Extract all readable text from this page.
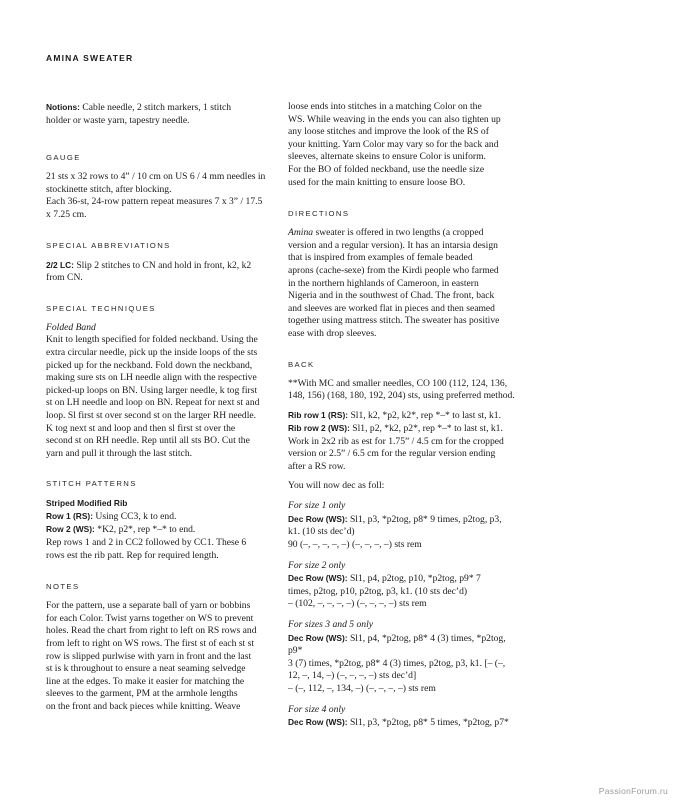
AMINA SWEATER

Notions: Cable needle, 2 stitch markers, 1 stitch
holder or waste yarn, tapestry needle.

GAUGE

21 sts x 32 rows to 4” / 10 cm on US 6 / 4 mm needles in
stockinette stitch, after blocking.
Each 36-st, 24-row pattern repeat measures 7 x 3” / 17.5
x 7.25 cm.

SPECIAL ABBREVIATIONS

2/2 LC: Slip 2 stitches to CN and hold in front, k2, k2
from CN.

SPECIAL TECHNIQUES

Folded Band

Knit to length specified for folded neckband. Using the
extra circular needle, pick up the inside loops of the sts
picked up for the neckband. Fold down the neckband,
making sure sts on LH needle align with the respective
picked-up loops on BN. Using larger needle, k tog first
st on LH needle and loop on BN. Repeat for next st and
loop. Sl first st over second st on the larger RH needle.
K tog next st and loop and then sl first st over the
second st on RH needle. Rep until all sts BO. Cut the
yarn and pull it through the last stitch.

STITCH PATTERNS

Striped Modified Rib

Row 1 (RS): Using CC3, k to end.

Row 2 (WS): *K2, p2*, rep *–* to end.

Rep rows 1 and 2 in CC2 followed by CC1. These 6
rows est the rib patt. Rep for required length.

NOTES

For the pattern, use a separate ball of yarn or bobbins
for each Color. Twist yarns together on WS to prevent
holes. Read the chart from right to left on RS rows and
from left to right on WS rows. The first st of each st st
row is slipped purlwise with yarn in front and the last
st is k throughout to ensure a neat seaming selvedge
line at the edges. To make it easier for matching the
sleeves to the garment, PM at the armhole lengths
on the front and back pieces while knitting. Weave

loose ends into stitches in a matching Color on the
WS. While weaving in the ends you can also tighten up
any loose stitches and improve the look of the RS of
your knitting. Yarn Color may vary so for the back and
sleeves, alternate skeins to ensure Color is uniform.
For the BO of folded neckband, use the needle size
used for the main knitting to ensure loose BO.

DIRECTIONS

Amina sweater is offered in two lengths (a cropped
version and a regular version). It has an intarsia design
that is inspired from examples of female beaded
aprons (cache-sexe) from the Kirdi people who farmed
in the northern highlands of Cameroon, in eastern
Nigeria and in the southwest of Chad. The front, back
and sleeves are worked flat in pieces and then seamed
together using mattress stitch. The sweater has positive
ease with drop sleeves.

BACK

**With MC and smaller needles, CO 100 (112, 124, 136,
148, 156) (168, 180, 192, 204) sts, using preferred method.

Rib row 1 (RS): Sl1, k2, *p2, k2*, rep *–* to last st, k1.

Rib row 2 (WS): Sl1, p2, *k2, p2*, rep *–* to last st, k1.
Work in 2x2 rib as est for 1.75” / 4.5 cm for the cropped
version or 2.5” / 6.5 cm for the regular version ending
after a RS row.

You will now dec as foll:

For size 1 only

Dec Row (WS): Sl1, p3, *p2tog, p8* 9 times, p2tog, p3,
k1. (10 sts dec’d)
90 (–, –, –, –, –) (–, –, –, –) sts rem

For size 2 only

Dec Row (WS): Sl1, p4, p2tog, p10, *p2tog, p9* 7
times, p2tog, p10, p2tog, p3, k1. (10 sts dec’d)
– (102, –, –, –, –) (–, –, –, –) sts rem

For sizes 3 and 5 only

Dec Row (WS): Sl1, p4, *p2tog, p8* 4 (3) times, *p2tog, p9*
3 (7) times, *p2tog, p8* 4 (3) times, p2tog, p3, k1. [– (–,
12, –, 14, –) (–, –, –, –) sts dec’d]
– (–, 112, –, 134, –) (–, –, –, –) sts rem

For size 4 only

Dec Row (WS): Sl1, p3, *p2tog, p8* 5 times, *p2tog, p7*

PassionForum.ru
